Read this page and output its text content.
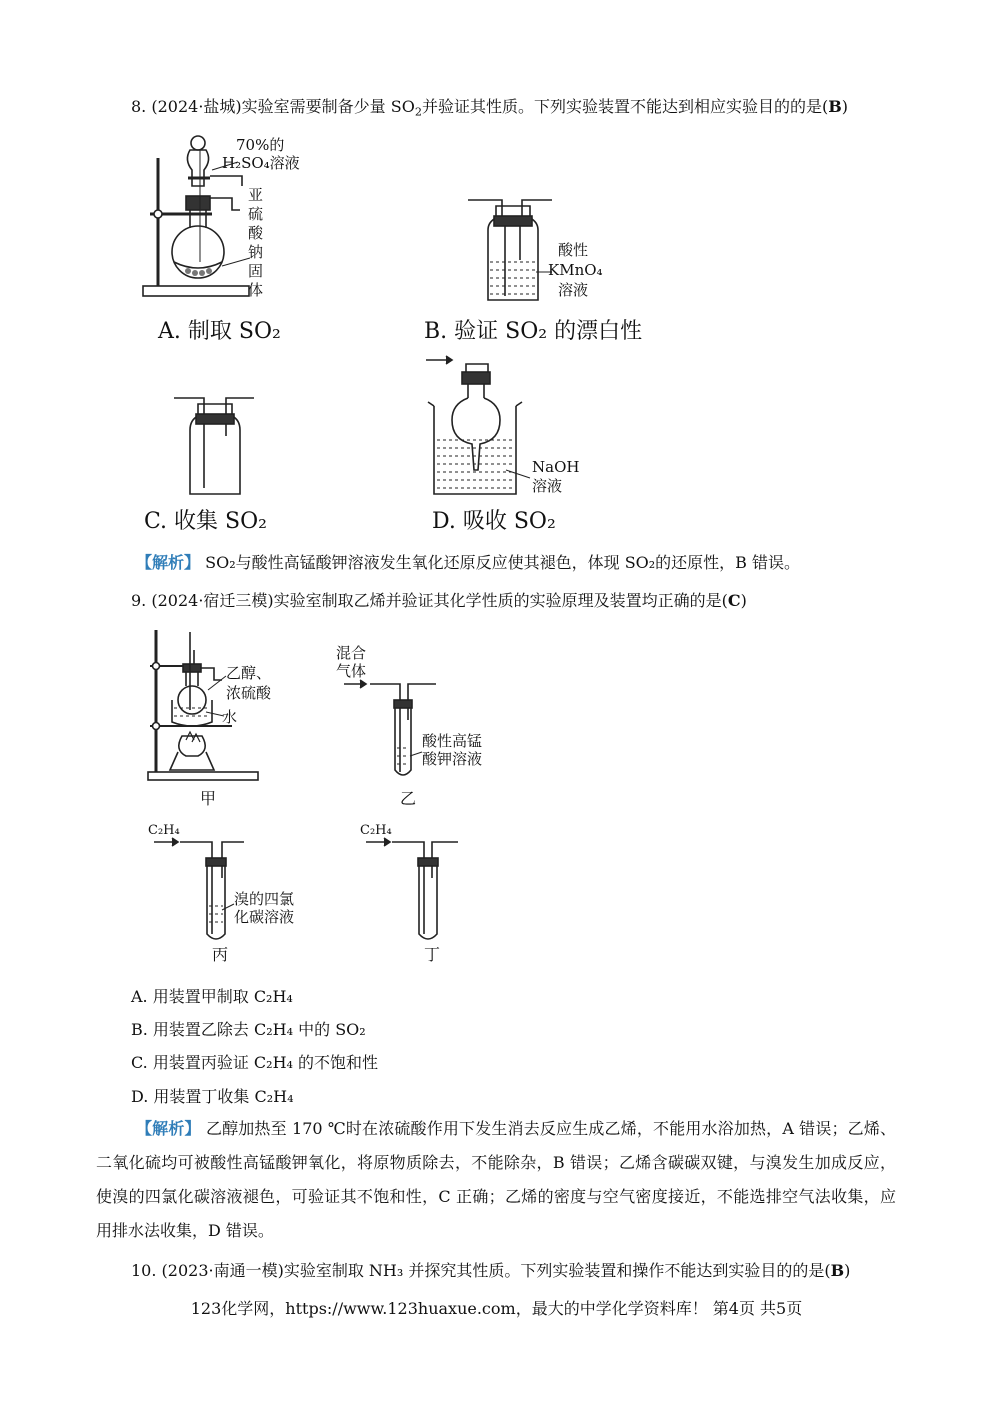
8. (2024·盐城)实验室需要制备少量 $SO_2$并验证其性质。下列实验装置不能达到相应实验目的的是(B)
70%的
H₂SO₄溶液
亚
硫
酸
钠
固
体
A. 制取 SO₂
酸性
KMnO₄
溶液
B. 验证 SO₂ 的漂白性
C. 收集 SO₂
NaOH
溶液
D. 吸收 SO₂
【解析】 SO₂与酸性高锰酸钾溶液发生氧化还原反应使其褪色，体现 SO₂的还原性，B 错误。
9. (2024·宿迁三模)实验室制取乙烯并验证其化学性质的实验原理及装置均正确的是(C)
乙醇、
浓硫酸
水
甲
混合
气体
酸性高锰
酸钾溶液
乙
C₂H₄
溴的四氯
化碳溶液
丙
C₂H₄
丁
A. 用装置甲制取 C₂H₄
B. 用装置乙除去 C₂H₄ 中的 SO₂
C. 用装置丙验证 C₂H₄ 的不饱和性
D. 用装置丁收集 C₂H₄
【解析】 乙醇加热至 170 ℃时在浓硫酸作用下发生消去反应生成乙烯，不能用水浴加热，A 错误；乙烯、二氧化硫均可被酸性高锰酸钾氧化，将原物质除去，不能除杂，B 错误；乙烯含碳碳双键，与溴发生加成反应，使溴的四氯化碳溶液褪色，可验证其不饱和性，C 正确；乙烯的密度与空气密度接近，不能选排空气法收集，应用排水法收集，D 错误。
10. (2023·南通一模)实验室制取 NH₃ 并探究其性质。下列实验装置和操作不能达到实验目的的是(B)
123化学网，https://www.123huaxue.com，最大的中学化学资料库！ 第4页 共5页
